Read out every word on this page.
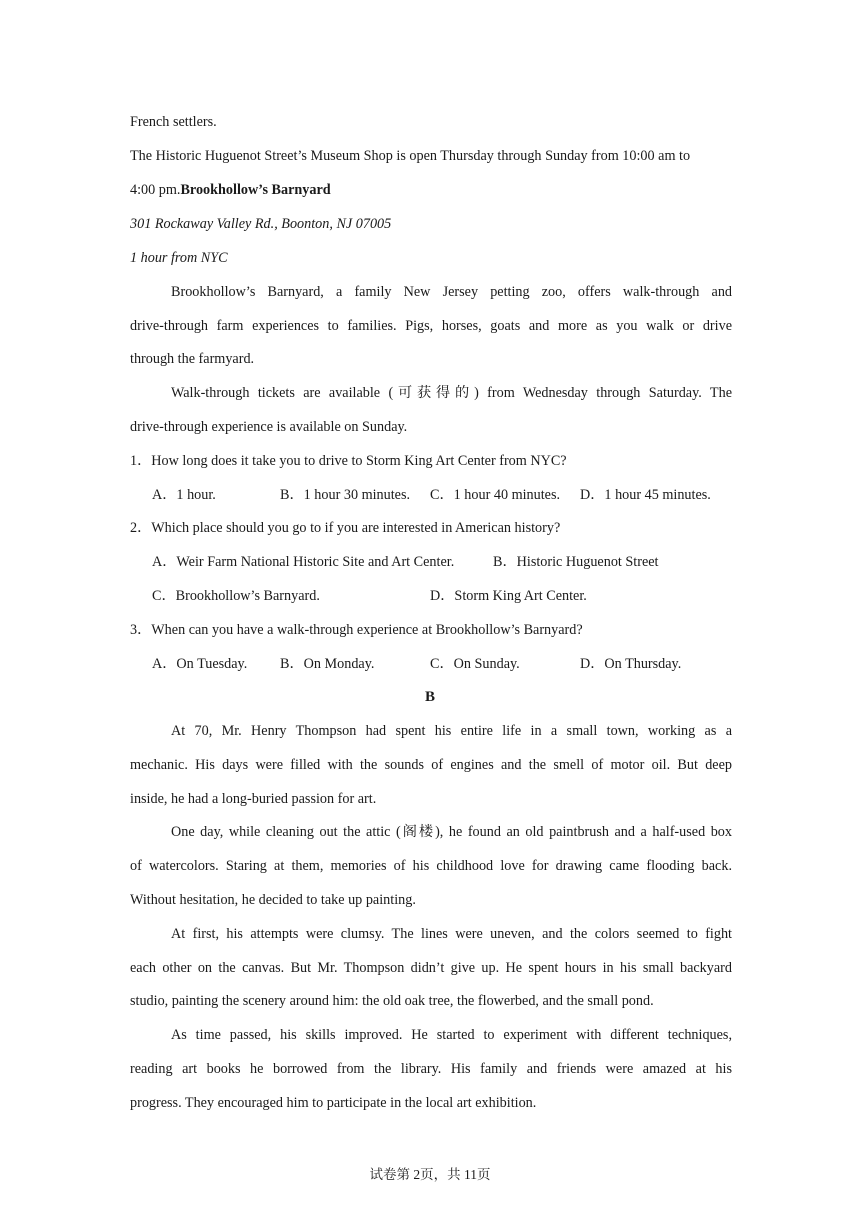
French settlers.
The Historic Huguenot Street’s Museum Shop is open Thursday through Sunday from 10:00 am to
4:00 pm.Brookhollow’s Barnyard
301 Rockaway Valley Rd., Boonton, NJ 07005
1 hour from NYC
Brookhollow’s Barnyard, a family New Jersey petting zoo, offers walk-through and
drive-through farm experiences to families. Pigs, horses, goats and more as you walk or drive
through the farmyard.
Walk-through tickets are available (可获得的) from Wednesday through Saturday. The
drive-through experience is available on Sunday.
1．How long does it take you to drive to Storm King Art Center from NYC?
A．1 hour.	B．1 hour 30 minutes. C．1 hour 40 minutes. D．1 hour 45 minutes.
2．Which place should you go to if you are interested in American history?
A．Weir Farm National Historic Site and Art Center.	B．Historic Huguenot Street
C．Brookhollow’s Barnyard.	D．Storm King Art Center.
3．When can you have a walk-through experience at Brookhollow’s Barnyard?
A．On Tuesday. B．On Monday.	C．On Sunday.	D．On Thursday.
B
At 70, Mr. Henry Thompson had spent his entire life in a small town, working as a
mechanic. His days were filled with the sounds of engines and the smell of motor oil. But deep
inside, he had a long-buried passion for art.
One day, while cleaning out the attic (阁楼), he found an old paintbrush and a half-used box
of watercolors. Staring at them, memories of his childhood love for drawing came flooding back.
Without hesitation, he decided to take up painting.
At first, his attempts were clumsy. The lines were uneven, and the colors seemed to fight
each other on the canvas. But Mr. Thompson didn’t give up. He spent hours in his small backyard
studio, painting the scenery around him: the old oak tree, the flowerbed, and the small pond.
As time passed, his skills improved. He started to experiment with different techniques,
reading art books he borrowed from the library. His family and friends were amazed at his
progress. They encouraged him to participate in the local art exhibition.
试卷第 2页，共 11页
